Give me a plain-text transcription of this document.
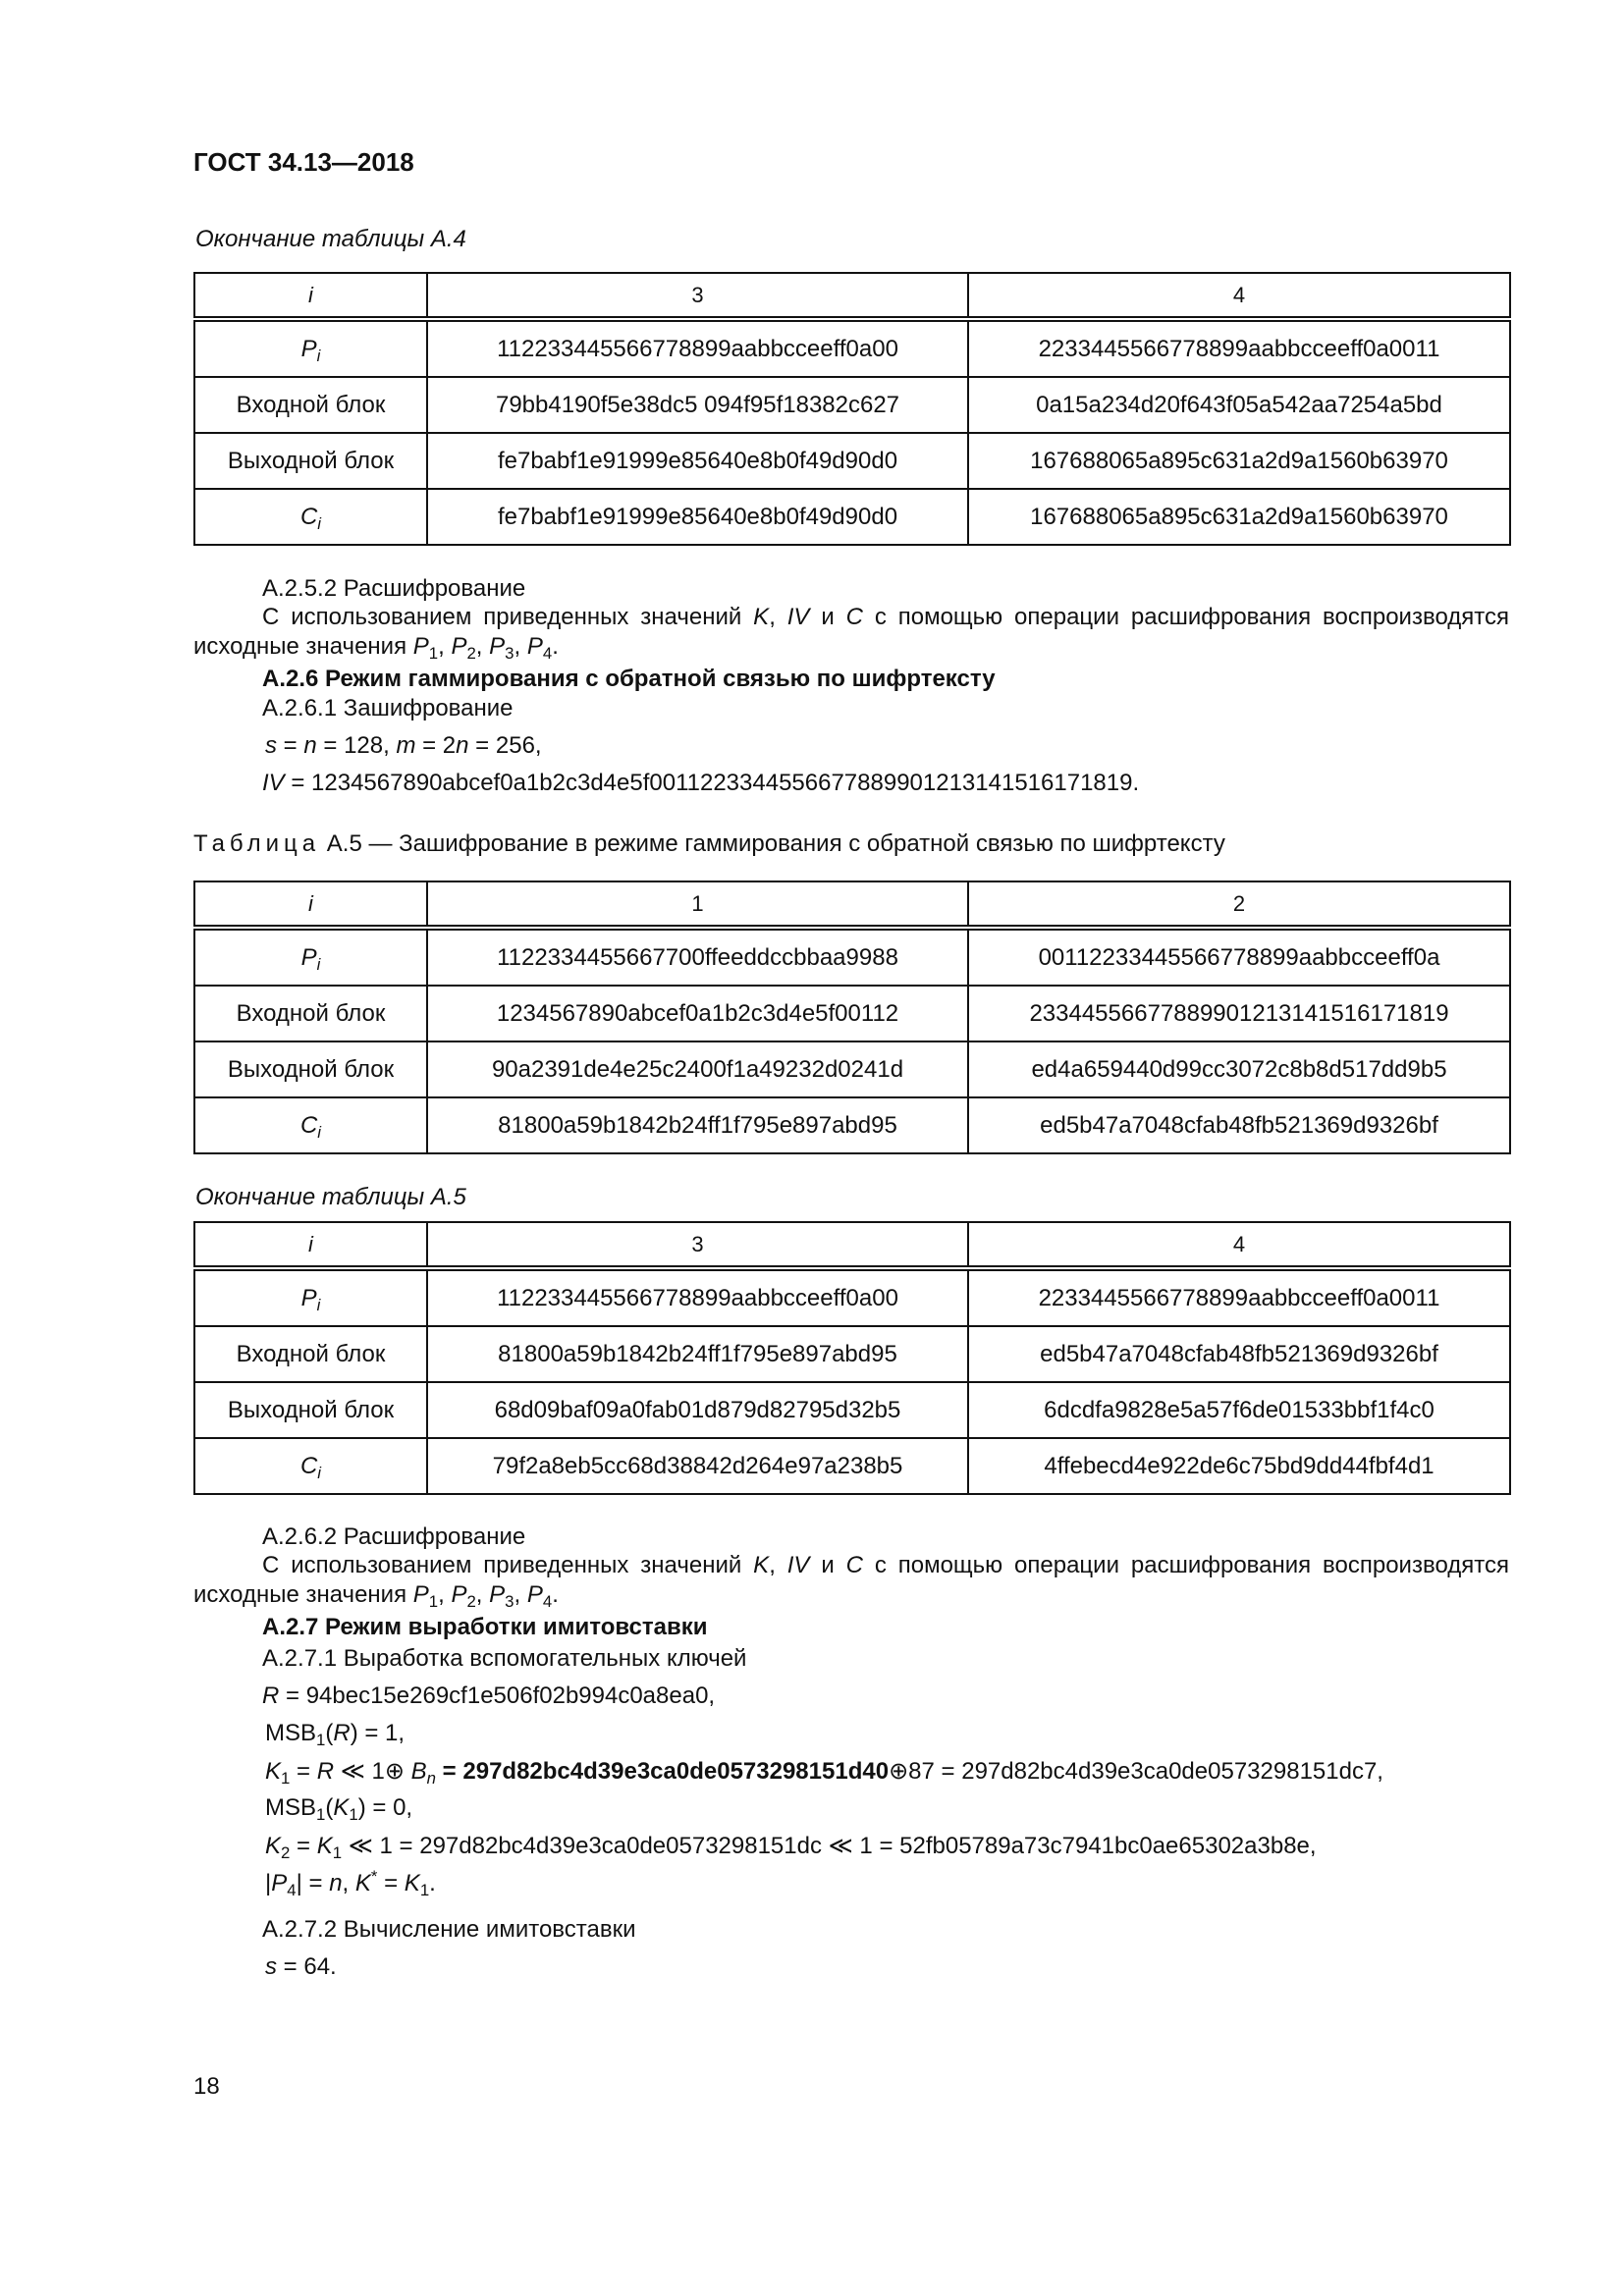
ГОСТ 34.13—2018
Окончание таблицы А.4
i	3	4
$P_i$	112233445566778899aabbcceeff0a00	2233445566778899aabbcceeff0a0011
Входной блок	79bb4190f5e38dc5 094f95f18382c627	0a15a234d20f643f05a542aa7254a5bd
Выходной блок	fe7babf1e91999e85640e8b0f49d90d0	167688065a895c631a2d9a1560b63970
$C_i$	fe7babf1e91999e85640e8b0f49d90d0	167688065a895c631a2d9a1560b63970
А.2.5.2 Расшифрование
С использованием приведенных значений K, IV и C с помощью операции расшифрования воспроизводятся исходные значения $P_1$, $P_2$, $P_3$, $P_4$.
А.2.6 Режим гаммирования с обратной связью по шифртексту
А.2.6.1 Зашифрование
s = n = 128, m = 2n = 256,
IV = 1234567890abcef0a1b2c3d4e5f0011223344556677889901213141516171819.
Таблица А.5 — Зашифрование в режиме гаммирования с обратной связью по шифртексту
i	1	2
$P_i$	1122334455667700ffeeddccbbaa9988	00112233445566778899aabbcceeff0a
Входной блок	1234567890abcef0a1b2c3d4e5f00112	23344556677889901213141516171819
Выходной блок	90a2391de4e25c2400f1a49232d0241d	ed4a659440d99cc3072c8b8d517dd9b5
$C_i$	81800a59b1842b24ff1f795e897abd95	ed5b47a7048cfab48fb521369d9326bf
Окончание таблицы А.5
i	3	4
$P_i$	112233445566778899aabbcceeff0a00	2233445566778899aabbcceeff0a0011
Входной блок	81800a59b1842b24ff1f795e897abd95	ed5b47a7048cfab48fb521369d9326bf
Выходной блок	68d09baf09a0fab01d879d82795d32b5	6dcdfa9828e5a57f6de01533bbf1f4c0
$C_i$	79f2a8eb5cc68d38842d264e97a238b5	4ffebecd4e922de6c75bd9dd44fbf4d1
А.2.6.2 Расшифрование
С использованием приведенных значений K, IV и C с помощью операции расшифрования воспроизводятся исходные значения $P_1$, $P_2$, $P_3$, $P_4$.
А.2.7 Режим выработки имитовставки
А.2.7.1 Выработка вспомогательных ключей
R = 94bec15e269cf1e506f02b994c0a8ea0,
$MSB_1(R) = 1$,
$K_1 = R$ ≪ 1⊕ $B_n$ = 297d82bc4d39e3ca0de0573298151d40⊕87 = 297d82bc4d39e3ca0de0573298151dc7,
$MSB_1(K_1) = 0$,
$K_2 = K_1$ ≪ 1 = 297d82bc4d39e3ca0de0573298151dc ≪ 1 = 52fb05789a73c7941bc0ae65302a3b8e,
$|P_4| = n$, $K^* = K_1$.
А.2.7.2 Вычисление имитовставки
s = 64.
18
